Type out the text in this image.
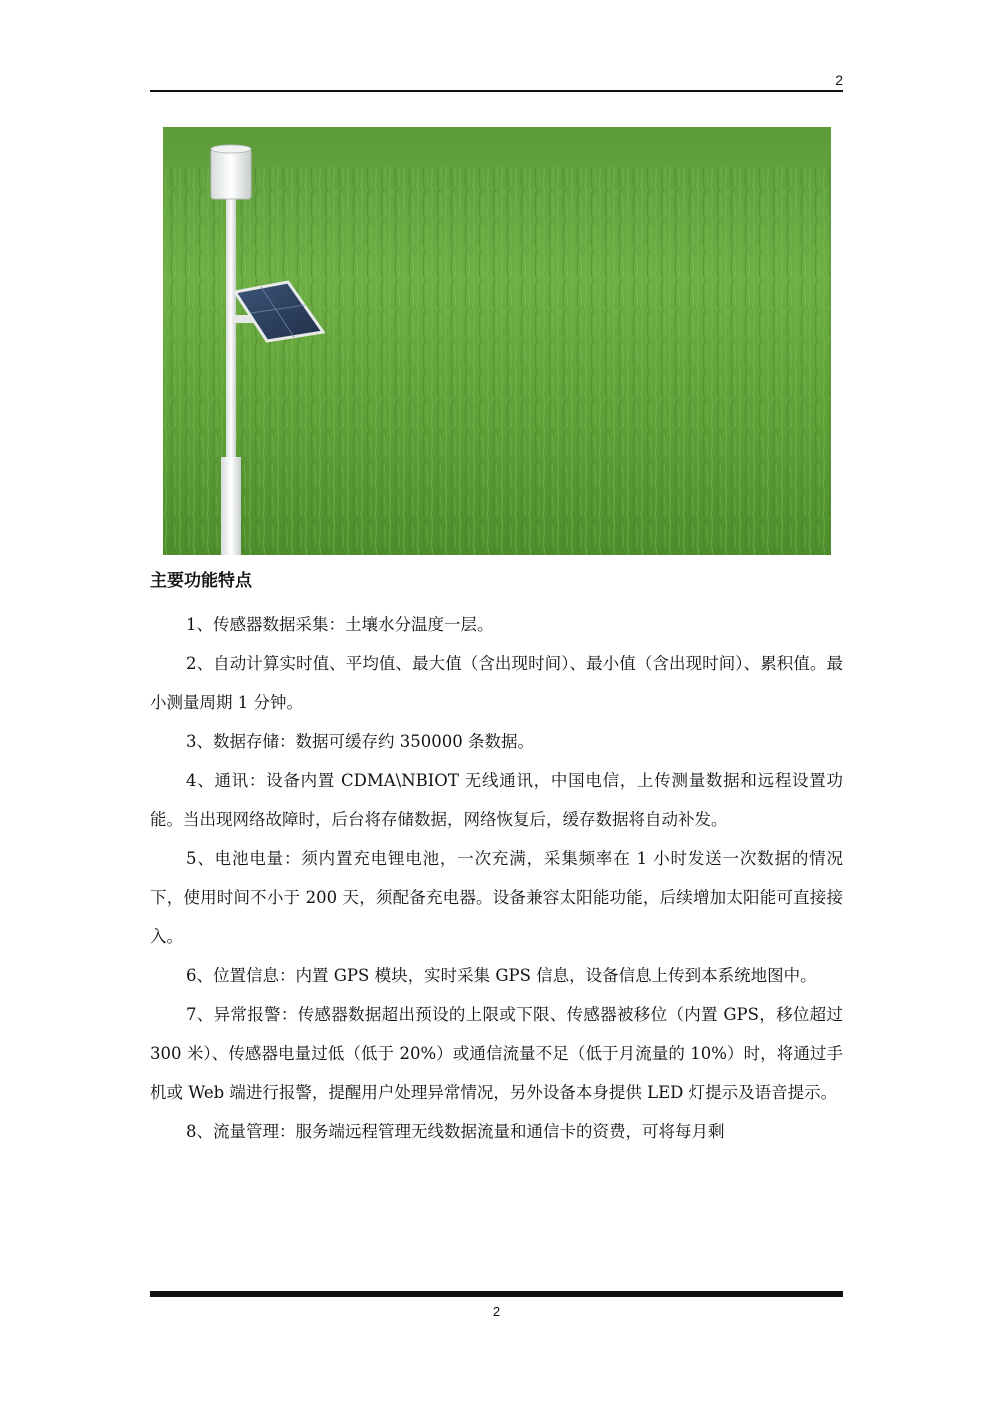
2
主要功能特点

1、传感器数据采集：土壤水分温度一层。

2、自动计算实时值、平均值、最大值（含出现时间）、最小值（含出现时间）、累积值。最小测量周期 1 分钟。

3、数据存储：数据可缓存约 350000 条数据。

4、通讯：设备内置 CDMA\NBIOT 无线通讯，中国电信，上传测量数据和远程设置功能。当出现网络故障时，后台将存储数据，网络恢复后，缓存数据将自动补发。

5、电池电量：须内置充电锂电池，一次充满，采集频率在 1 小时发送一次数据的情况下，使用时间不小于 200 天，须配备充电器。设备兼容太阳能功能，后续增加太阳能可直接接入。

6、位置信息：内置 GPS 模块，实时采集 GPS 信息，设备信息上传到本系统地图中。

7、异常报警：传感器数据超出预设的上限或下限、传感器被移位（内置 GPS，移位超过 300 米）、传感器电量过低（低于 20%）或通信流量不足（低于月流量的 10%）时，将通过手机或 Web 端进行报警，提醒用户处理异常情况，另外设备本身提供 LED 灯提示及语音提示。

8、流量管理：服务端远程管理无线数据流量和通信卡的资费，可将每月剩

2
